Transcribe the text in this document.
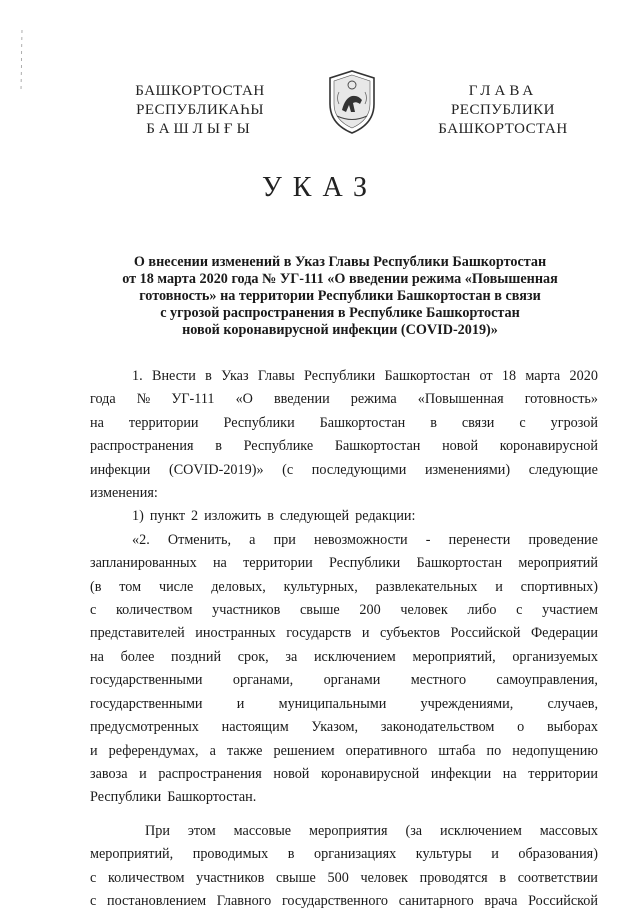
БАШКОРТОСТАН
РЕСПУБЛИКАҺЫ
БАШЛЫҒЫ
ГЛАВА
РЕСПУБЛИКИ
БАШКОРТОСТАН
УКАЗ
О внесении изменений в Указ Главы Республики Башкортостан
от 18 марта 2020 года № УГ-111 «О введении режима «Повышенная
готовность» на территории Республики Башкортостан в связи
с угрозой распространения в Республике Башкортостан
новой коронавирусной инфекции (COVID-2019)»
1. Внести в Указ Главы Республики Башкортостан от 18 марта 2020
года № УГ-111 «О введении режима «Повышенная готовность»
на территории Республики Башкортостан в связи с угрозой
распространения в Республике Башкортостан новой коронавирусной
инфекции (COVID-2019)» (с последующими изменениями) следующие
изменения:
1) пункт 2 изложить в следующей редакции:
«2. Отменить, а при невозможности - перенести проведение
запланированных на территории Республики Башкортостан мероприятий
(в том числе деловых, культурных, развлекательных и спортивных)
с количеством участников свыше 200 человек либо с участием
представителей иностранных государств и субъектов Российской Федерации
на более поздний срок, за исключением мероприятий, организуемых
государственными органами, органами местного самоуправления,
государственными и муниципальными учреждениями, случаев,
предусмотренных настоящим Указом, законодательством о выборах
и референдумах, а также решением оперативного штаба по недопущению
завоза и распространения новой коронавирусной инфекции на территории
Республики Башкортостан.
При этом массовые мероприятия (за исключением массовых
мероприятий, проводимых в организациях культуры и образования)
с количеством участников свыше 500 человек проводятся в соответствии
с постановлением Главного государственного санитарного врача Российской
